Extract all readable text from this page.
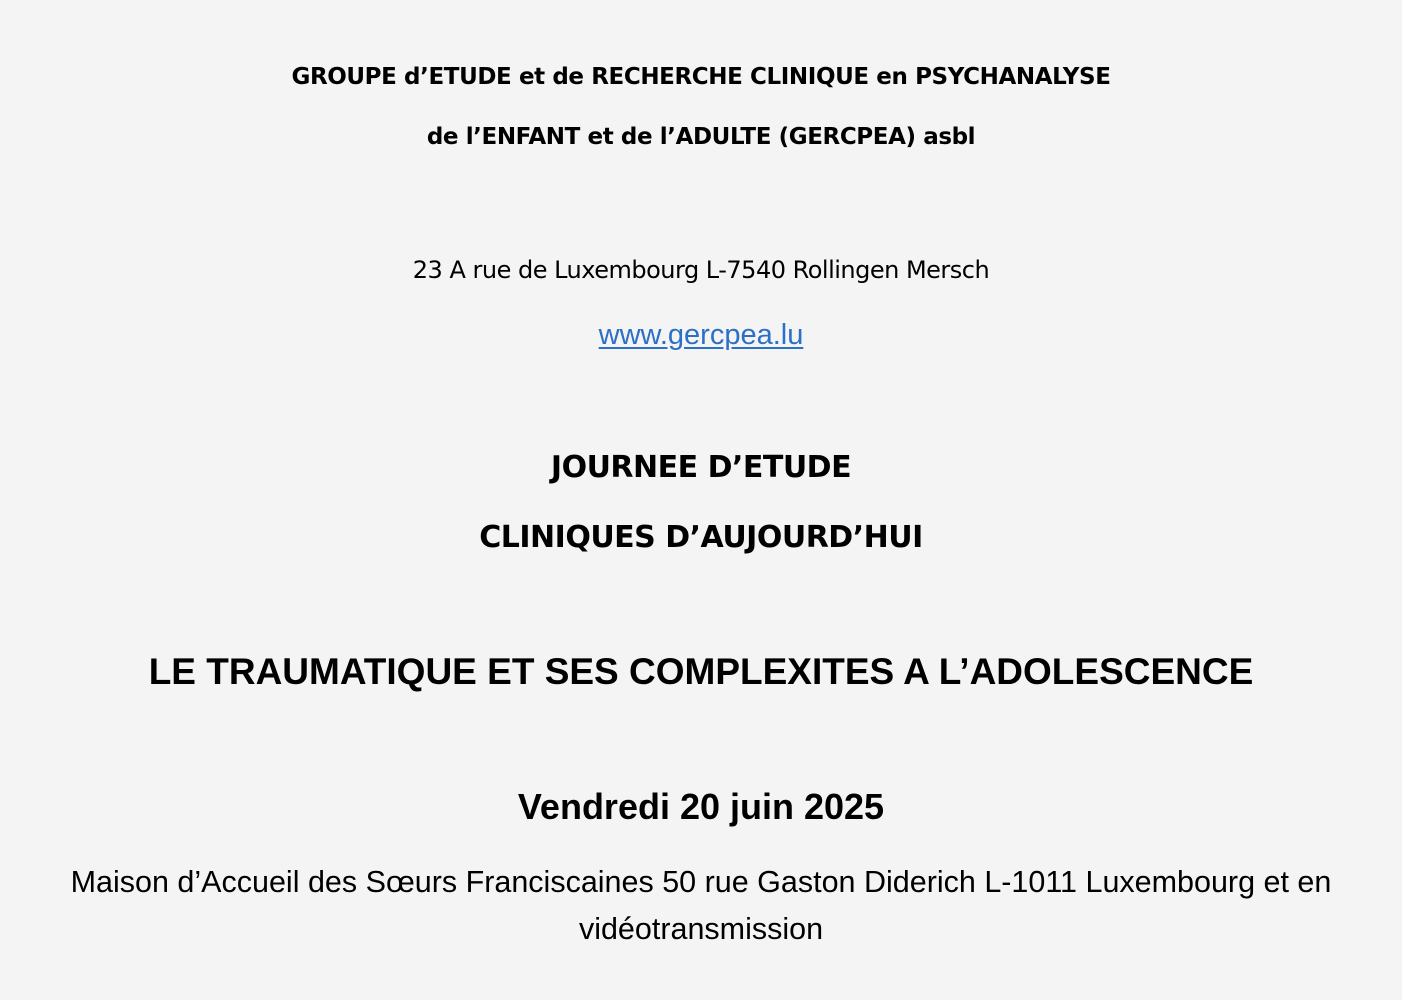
GROUPE d’ETUDE et de RECHERCHE CLINIQUE en PSYCHANALYSE
de l’ENFANT et de l’ADULTE (GERCPEA) asbl
23 A rue de Luxembourg L-7540 Rollingen Mersch
www.gercpea.lu
JOURNEE D’ETUDE
CLINIQUES D’AUJOURD’HUI
LE TRAUMATIQUE ET SES COMPLEXITES A L’ADOLESCENCE
Vendredi 20 juin 2025
Maison d’Accueil des Sœurs Franciscaines 50 rue Gaston Diderich L-1011 Luxembourg et en vidéotransmission
